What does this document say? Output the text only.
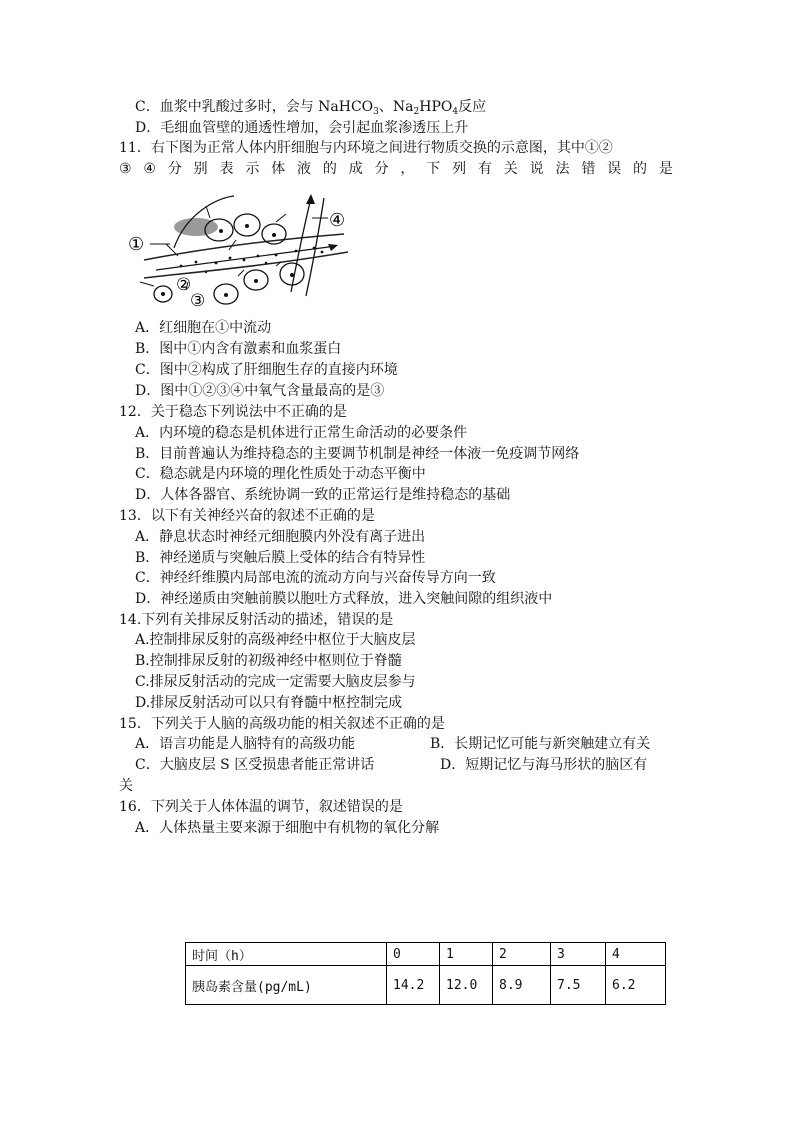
C．血浆中乳酸过多时，会与 NaHCO$_3$、$Na_2HPO_4$反应
D．毛细血管壁的通透性增加，会引起血浆渗透压上升
11．右下图为正常人体内肝细胞与内环境之间进行物质交换的示意图，其中①②
③ ④ 分 别 表 示 体 液 的 成 分 ， 下 列 有 关 说 法 错 误 的 是
①
②
③
④
A．红细胞在①中流动
B．图中①内含有激素和血浆蛋白
C．图中②构成了肝细胞生存的直接内环境
D．图中①②③④中氧气含量最高的是③
12．关于稳态下列说法中不正确的是
A．内环境的稳态是机体进行正常生命活动的必要条件
B．目前普遍认为维持稳态的主要调节机制是神经一体液一免疫调节网络
C．稳态就是内环境的理化性质处于动态平衡中
D．人体各器官、系统协调一致的正常运行是维持稳态的基础
13．以下有关神经兴奋的叙述不正确的是
A．静息状态时神经元细胞膜内外没有离子进出
B．神经递质与突触后膜上受体的结合有特异性
C．神经纤维膜内局部电流的流动方向与兴奋传导方向一致
D．神经递质由突触前膜以胞吐方式释放，进入突触间隙的组织液中
14.下列有关排尿反射活动的描述，错误的是
A.控制排尿反射的高级神经中枢位于大脑皮层
B.控制排尿反射的初级神经中枢则位于脊髓
C.排尿反射活动的完成一定需要大脑皮层参与
D.排尿反射活动可以只有脊髓中枢控制完成
15．下列关于人脑的高级功能的相关叙述不正确的是
A．语言功能是人脑特有的高级功能	B．长期记忆可能与新突触建立有关
C．大脑皮层 S 区受损患者能正常讲话	D．短期记忆与海马形状的脑区有
关
16．下列关于人体体温的调节，叙述错误的是
A．人体热量主要来源于细胞中有机物的氧化分解
时间（h）	0	1	2	3	4
胰岛素含量(pg/mL)	14.2	12.0	8.9	7.5	6.2
